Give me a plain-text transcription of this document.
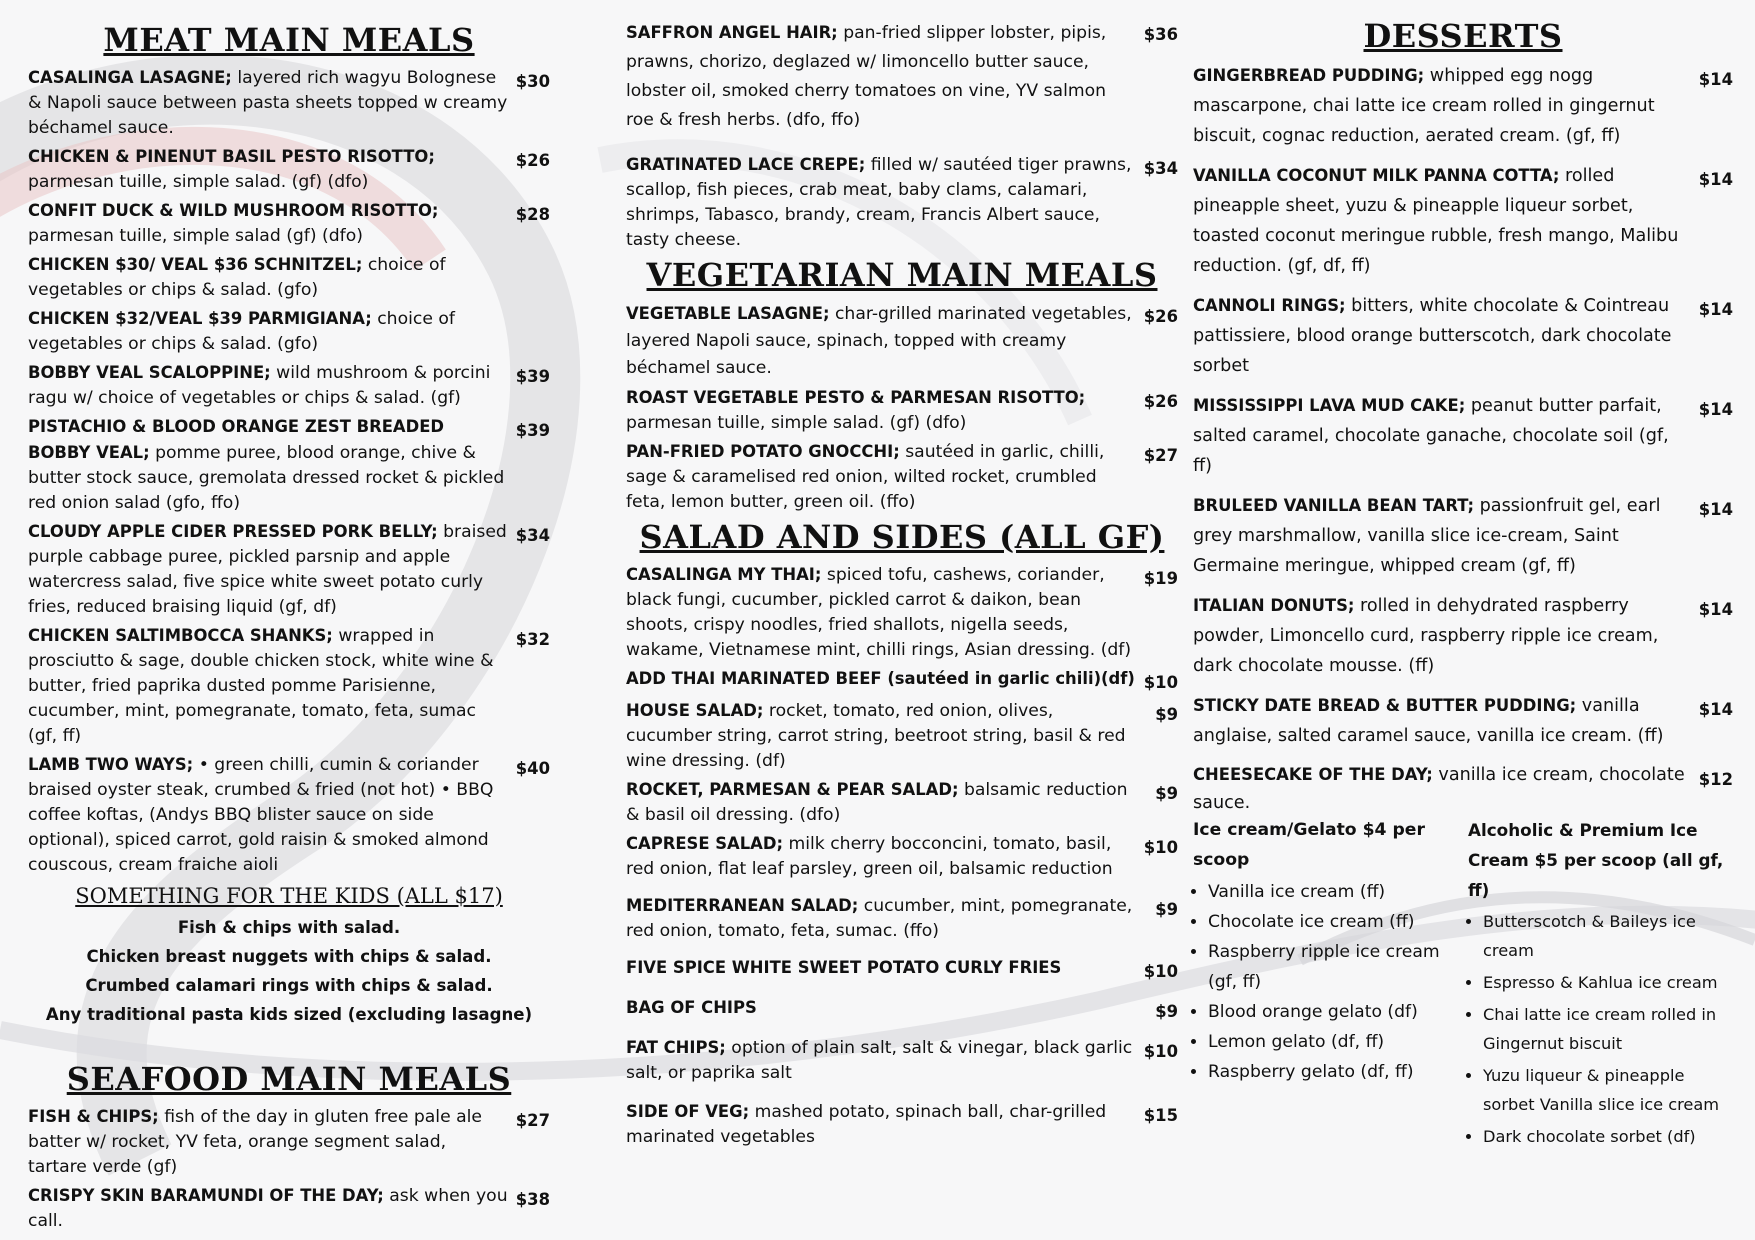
MEAT MAIN MEALS
CASALINGA LASAGNE; layered rich wagyu Bolognese & Napoli sauce between pasta sheets topped w creamy béchamel sauce.
$30
CHICKEN & PINENUT BASIL PESTO RISOTTO; parmesan tuille, simple salad. (gf) (dfo)
$26
CONFIT DUCK & WILD MUSHROOM RISOTTO; parmesan tuille, simple salad (gf) (dfo)
$28
CHICKEN $30/ VEAL $36 SCHNITZEL; choice of vegetables or chips & salad. (gfo)
CHICKEN $32/VEAL $39 PARMIGIANA; choice of vegetables or chips & salad. (gfo)
BOBBY VEAL SCALOPPINE; wild mushroom & porcini ragu w/ choice of vegetables or chips & salad. (gf)
$39
PISTACHIO & BLOOD ORANGE ZEST BREADED BOBBY VEAL; pomme puree, blood orange, chive & butter stock sauce, gremolata dressed rocket & pickled red onion salad (gfo, ffo)
$39
CLOUDY APPLE CIDER PRESSED PORK BELLY; braised purple cabbage puree, pickled parsnip and apple watercress salad, five spice white sweet potato curly fries, reduced braising liquid (gf, df)
$34
CHICKEN SALTIMBOCCA SHANKS; wrapped in prosciutto & sage, double chicken stock, white wine & butter, fried paprika dusted pomme Parisienne, cucumber, mint, pomegranate, tomato, feta, sumac (gf, ff)
$32
LAMB TWO WAYS; • green chilli, cumin & coriander braised oyster steak, crumbed & fried (not hot) • BBQ coffee koftas, (Andys BBQ blister sauce on side optional), spiced carrot, gold raisin & smoked almond couscous, cream fraiche aioli
$40
SOMETHING FOR THE KIDS (ALL $17)
Fish & chips with salad.
Chicken breast nuggets with chips & salad.
Crumbed calamari rings with chips & salad.
Any traditional pasta kids sized (excluding lasagne)
SEAFOOD MAIN MEALS
FISH & CHIPS; fish of the day in gluten free pale ale batter w/ rocket, YV feta, orange segment salad, tartare verde (gf)
$27
CRISPY SKIN BARAMUNDI OF THE DAY; ask when you call.
$38
SAFFRON ANGEL HAIR; pan-fried slipper lobster, pipis, prawns, chorizo, deglazed w/ limoncello butter sauce, lobster oil, smoked cherry tomatoes on vine, YV salmon roe & fresh herbs. (dfo, ffo)
$36
GRATINATED LACE CREPE; filled w/ sautéed tiger prawns, scallop, fish pieces, crab meat, baby clams, calamari, shrimps, Tabasco, brandy, cream, Francis Albert sauce, tasty cheese.
$34
VEGETARIAN MAIN MEALS
VEGETABLE LASAGNE; char-grilled marinated vegetables, layered Napoli sauce, spinach, topped with creamy béchamel sauce.
$26
ROAST VEGETABLE PESTO & PARMESAN RISOTTO; parmesan tuille, simple salad. (gf) (dfo)
$26
PAN-FRIED POTATO GNOCCHI; sautéed in garlic, chilli, sage & caramelised red onion, wilted rocket, crumbled feta, lemon butter, green oil. (ffo)
$27
SALAD AND SIDES (ALL GF)
CASALINGA MY THAI; spiced tofu, cashews, coriander, black fungi, cucumber, pickled carrot & daikon, bean shoots, crispy noodles, fried shallots, nigella seeds, wakame, Vietnamese mint, chilli rings, Asian dressing. (df)
$19
ADD THAI MARINATED BEEF (sautéed in garlic chili)(df) $10
HOUSE SALAD; rocket, tomato, red onion, olives, cucumber string, carrot string, beetroot string, basil & red wine dressing. (df)
$9
ROCKET, PARMESAN & PEAR SALAD; balsamic reduction & basil oil dressing. (dfo)
$9
CAPRESE SALAD; milk cherry bocconcini, tomato, basil, red onion, flat leaf parsley, green oil, balsamic reduction
$10
MEDITERRANEAN SALAD; cucumber, mint, pomegranate, red onion, tomato, feta, sumac. (ffo)
$9
FIVE SPICE WHITE SWEET POTATO CURLY FRIES	$10
BAG OF CHIPS	$9
FAT CHIPS; option of plain salt, salt & vinegar, black garlic salt, or paprika salt
$10
SIDE OF VEG; mashed potato, spinach ball, char-grilled marinated vegetables
$15
DESSERTS
GINGERBREAD PUDDING; whipped egg nogg mascarpone, chai latte ice cream rolled in gingernut biscuit, cognac reduction, aerated cream. (gf, ff)
$14
VANILLA COCONUT MILK PANNA COTTA; rolled pineapple sheet, yuzu & pineapple liqueur sorbet, toasted coconut meringue rubble, fresh mango, Malibu reduction. (gf, df, ff)
$14
CANNOLI RINGS; bitters, white chocolate & Cointreau pattissiere, blood orange butterscotch, dark chocolate sorbet
$14
MISSISSIPPI LAVA MUD CAKE; peanut butter parfait, salted caramel, chocolate ganache, chocolate soil (gf, ff)
$14
BRULEED VANILLA BEAN TART; passionfruit gel, earl grey marshmallow, vanilla slice ice-cream, Saint Germaine meringue, whipped cream (gf, ff)
$14
ITALIAN DONUTS; rolled in dehydrated raspberry powder, Limoncello curd, raspberry ripple ice cream, dark chocolate mousse. (ff)
$14
STICKY DATE BREAD & BUTTER PUDDING; vanilla anglaise, salted caramel sauce, vanilla ice cream. (ff)
$14
CHEESECAKE OF THE DAY; vanilla ice cream, chocolate sauce.
$12
Ice cream/Gelato $4 per scoop
• Vanilla ice cream (ff)
• Chocolate ice cream (ff)
• Raspberry ripple ice cream (gf, ff)
• Blood orange gelato (df)
• Lemon gelato (df, ff)
• Raspberry gelato (df, ff)
Alcoholic & Premium Ice Cream $5 per scoop (all gf, ff)
• Butterscotch & Baileys ice cream
• Espresso & Kahlua ice cream
• Chai latte ice cream rolled in Gingernut biscuit
• Yuzu liqueur & pineapple sorbet Vanilla slice ice cream
• Dark chocolate sorbet (df)
